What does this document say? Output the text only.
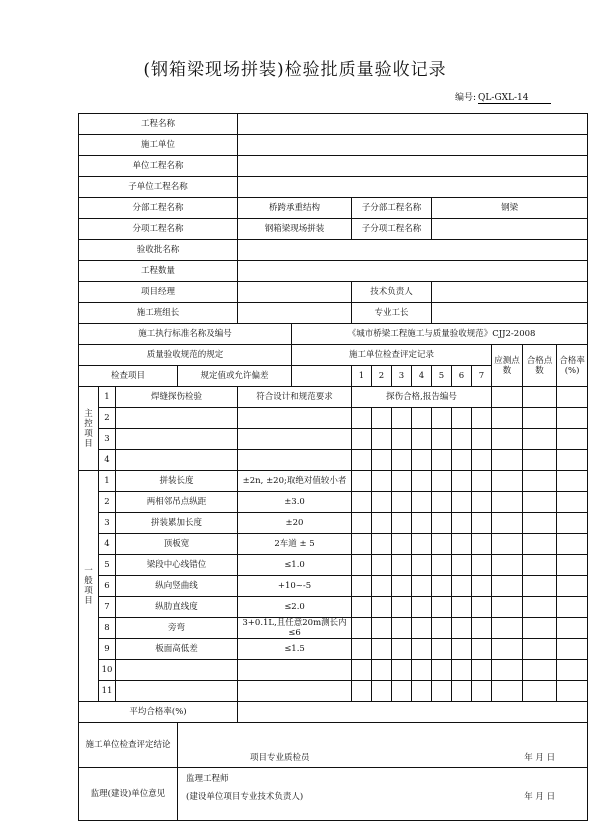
(钢箱梁现场拼装)检验批质量验收记录
编号: QL-GXL-14
工程名称															
施工单位															
单位工程名称															
子单位工程名称															
分部工程名称				桥跨承重结构		子分部工程名称				钢梁					
分项工程名称				钢箱梁现场拼装		子分项工程名称									
验收批名称															
工程数量															
项目经理						技术负责人									
施工班组长						专业工长									
施工执行标准名称及编号					《城市桥梁工程施工与质量验收规范》CJJ2-2008										
质量验收规范的规定					施工单位检查评定记录								应测点数	合格点数	合格率(%)
检查项目			规定值或允许偏差			1	2	3	4	5	6	7			
主
控
项
目	1	焊缝探伤检验		符合设计和规范要求		探伤合格,报告编号									
	2														
	3														
	4														
一
般
项
目	1	拼装长度		±2n, ±20;取绝对值较小者											
	2	两相邻吊点纵距		±3.0											
	3	拼装累加长度		±20											
	4	顶板宽		2车道 ± 5											
	5	梁段中心线错位		≤1.0											
	6	纵向竖曲线		+10~-5											
	7	纵肋直线度		≤2.0											
	8	旁弯		3+0.1L,且任意20m测长内≤6											
	9	板面高低差		≤1.5											
	10														
	11														
平均合格率(%)															
施工单位检查评定结论			项目专业质检员 年 月 日												

监理(建设)单位意见			监理工程师
(建设单位项目专业技术负责人) 年 月 日												
